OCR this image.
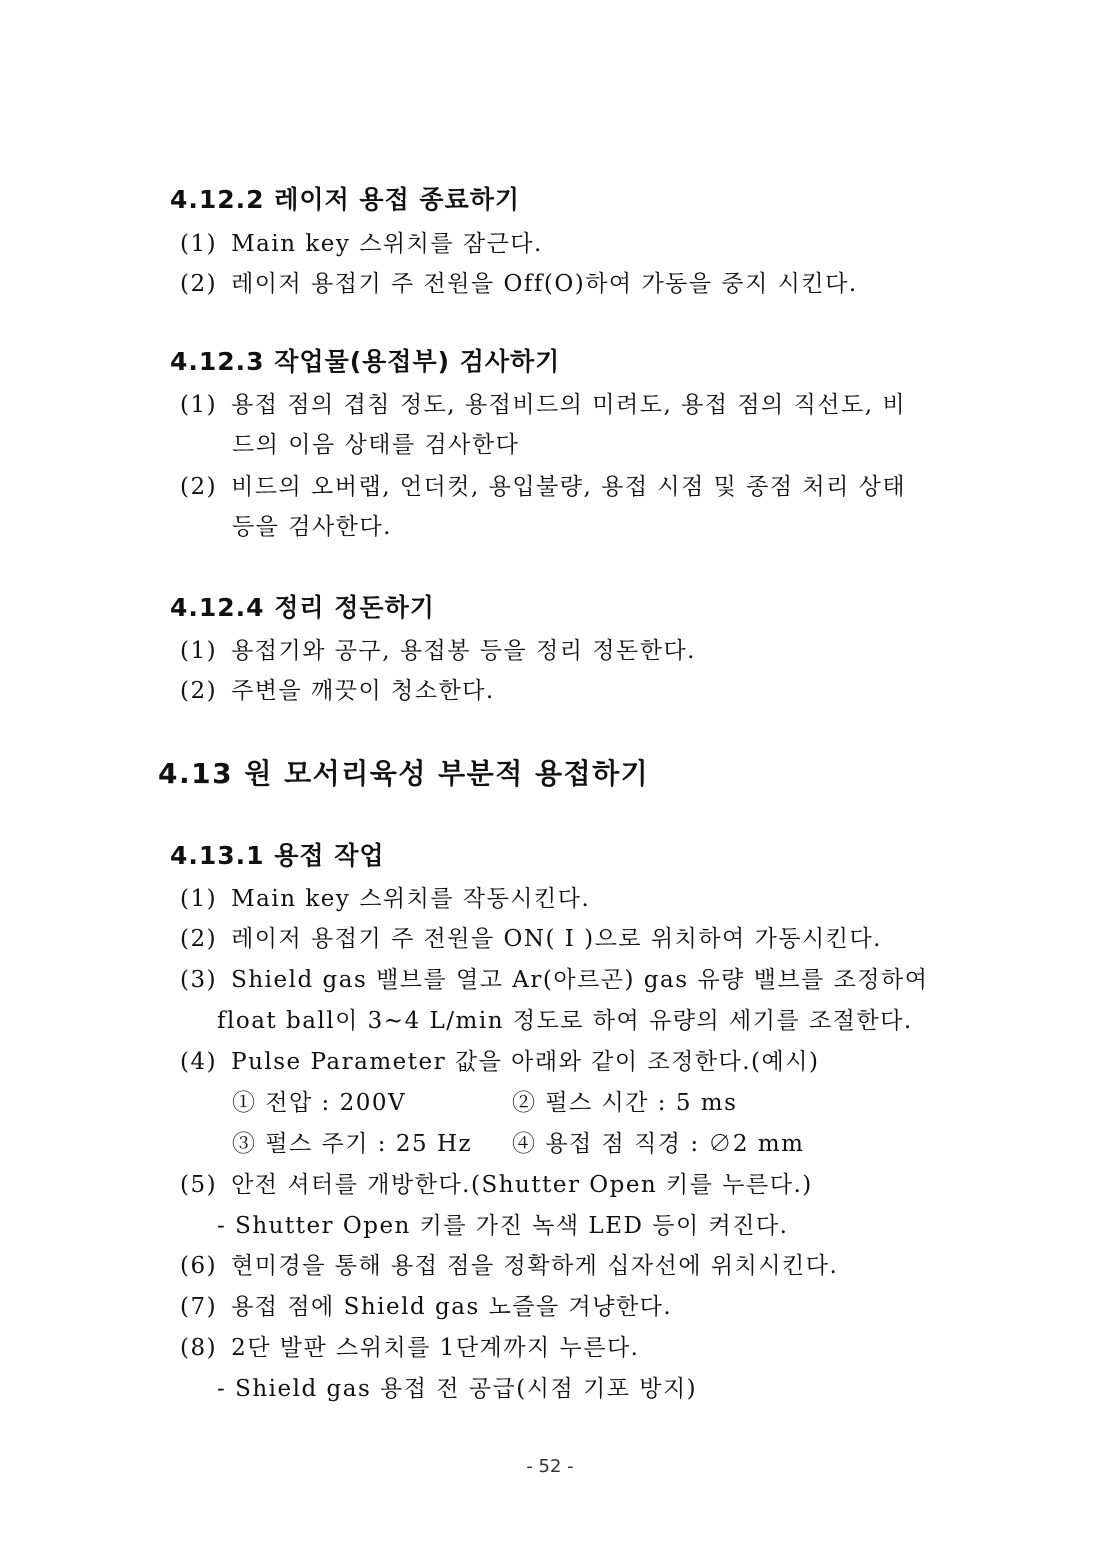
4.12.2 레이저 용접 종료하기

(1) Main key 스위치를 잠근다.

(2) 레이저 용접기 주 전원을 Off(O)하여 가동을 중지 시킨다.

4.12.3 작업물(용접부) 검사하기

(1) 용접 점의 겹침 정도, 용접비드의 미려도, 용접 점의 직선도, 비

드의 이음 상태를 검사한다

(2) 비드의 오버랩, 언더컷, 용입불량, 용접 시점 및 종점 처리 상태

등을 검사한다.

4.12.4 정리 정돈하기

(1) 용접기와 공구, 용접봉 등을 정리 정돈한다.

(2) 주변을 깨끗이 청소한다.

4.13 원 모서리육성 부분적 용접하기
4.13.1 용접 작업

(1) Main key 스위치를 작동시킨다.

(2) 레이저 용접기 주 전원을 ON( I )으로 위치하여 가동시킨다.

(3) Shield gas 밸브를 열고 Ar(아르곤) gas 유량 밸브를 조정하여

float ball이 3~4 L/min 정도로 하여 유량의 세기를 조절한다.

(4) Pulse Parameter 값을 아래와 같이 조정한다.(예시)

① 전압 : 200V	② 펄스 시간 : 5 ms

③ 펄스 주기 : 25 Hz ④ 용접 점 직경 : ∅2 mm

(5) 안전 셔터를 개방한다.(Shutter Open 키를 누른다.)

- Shutter Open 키를 가진 녹색 LED 등이 켜진다.

(6) 현미경을 통해 용접 점을 정확하게 십자선에 위치시킨다.

(7) 용접 점에 Shield gas 노즐을 겨냥한다.

(8) 2단 발판 스위치를 1단계까지 누른다.

- Shield gas 용접 전 공급(시점 기포 방지)

- 52 -
